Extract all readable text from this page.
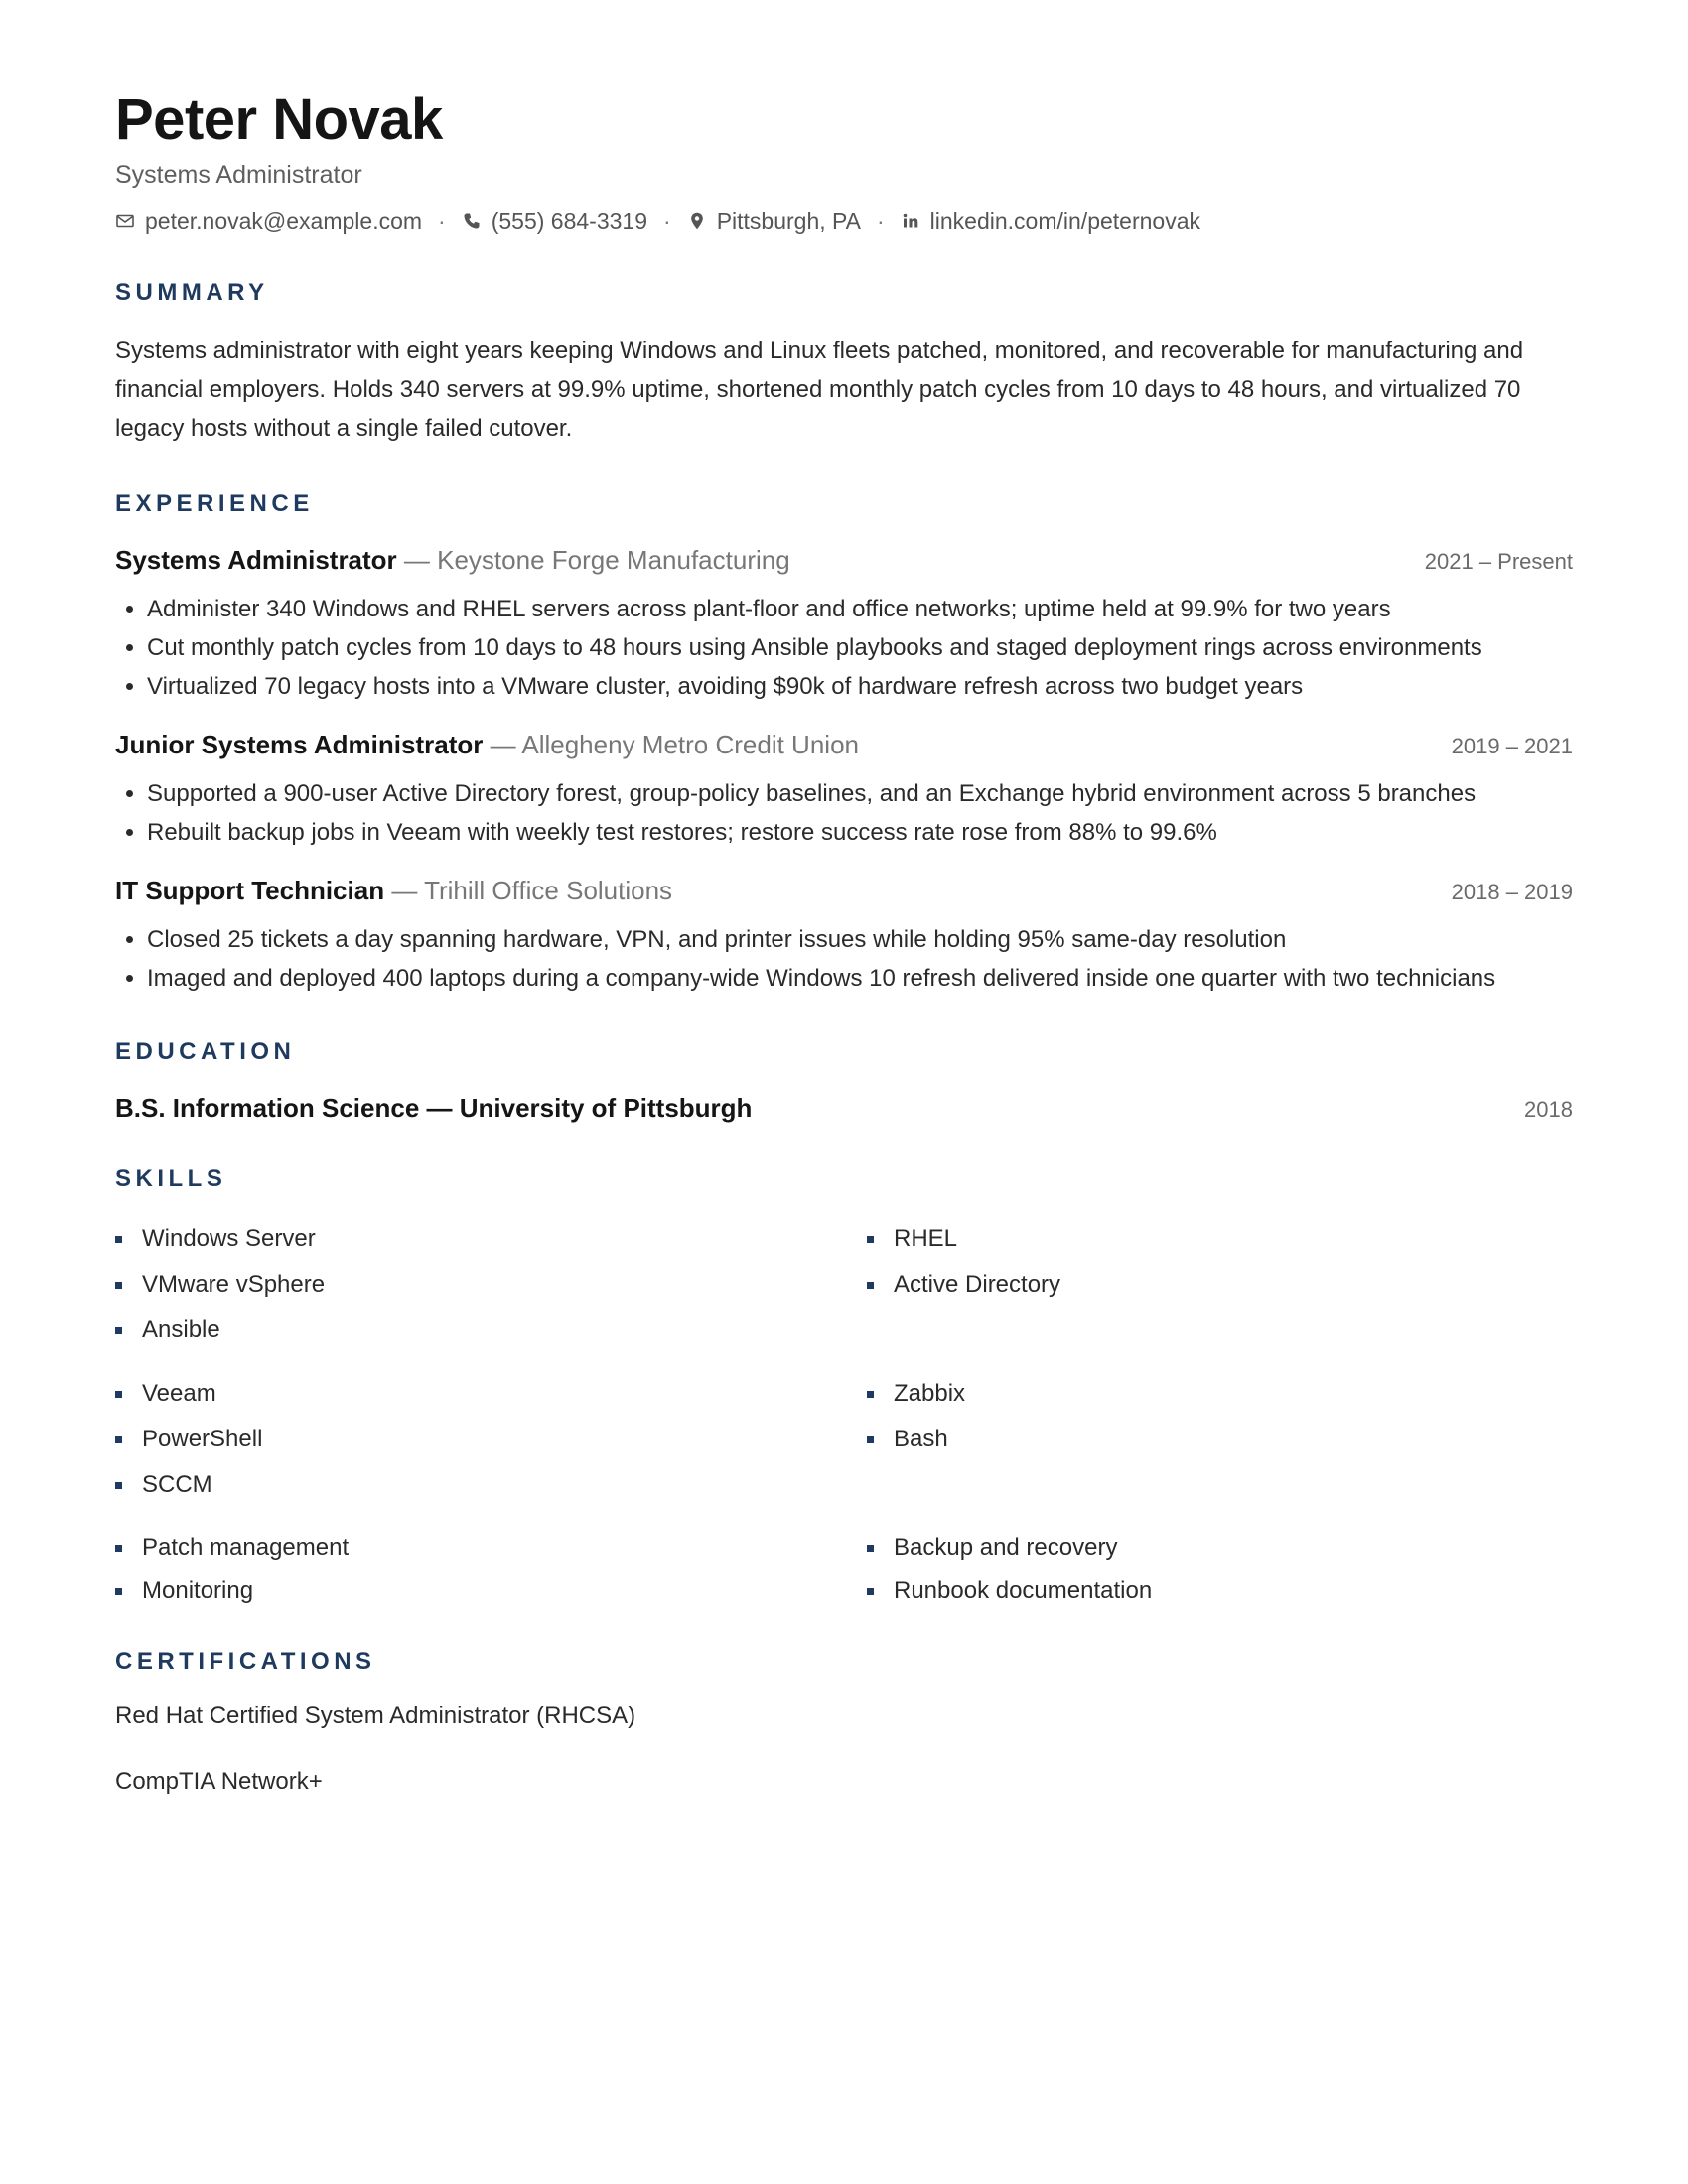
Peter Novak
Systems Administrator
peter.novak@example.com · (555) 684-3319 · Pittsburgh, PA · linkedin.com/in/peternovak
SUMMARY
Systems administrator with eight years keeping Windows and Linux fleets patched, monitored, and recoverable for manufacturing and financial employers. Holds 340 servers at 99.9% uptime, shortened monthly patch cycles from 10 days to 48 hours, and virtualized 70 legacy hosts without a single failed cutover.
EXPERIENCE
Systems Administrator — Keystone Forge Manufacturing	2021 – Present
• Administer 340 Windows and RHEL servers across plant-floor and office networks; uptime held at 99.9% for two years
• Cut monthly patch cycles from 10 days to 48 hours using Ansible playbooks and staged deployment rings across environments
• Virtualized 70 legacy hosts into a VMware cluster, avoiding $90k of hardware refresh across two budget years
Junior Systems Administrator — Allegheny Metro Credit Union	2019 – 2021
• Supported a 900-user Active Directory forest, group-policy baselines, and an Exchange hybrid environment across 5 branches
• Rebuilt backup jobs in Veeam with weekly test restores; restore success rate rose from 88% to 99.6%
IT Support Technician — Trihill Office Solutions	2018 – 2019
• Closed 25 tickets a day spanning hardware, VPN, and printer issues while holding 95% same-day resolution
• Imaged and deployed 400 laptops during a company-wide Windows 10 refresh delivered inside one quarter with two technicians
EDUCATION
B.S. Information Science — University of Pittsburgh	2018
SKILLS
Windows Server	RHEL
VMware vSphere	Active Directory
Ansible
Veeam	Zabbix
PowerShell	Bash
SCCM
Patch management	Backup and recovery
Monitoring	Runbook documentation
CERTIFICATIONS
Red Hat Certified System Administrator (RHCSA)
CompTIA Network+
